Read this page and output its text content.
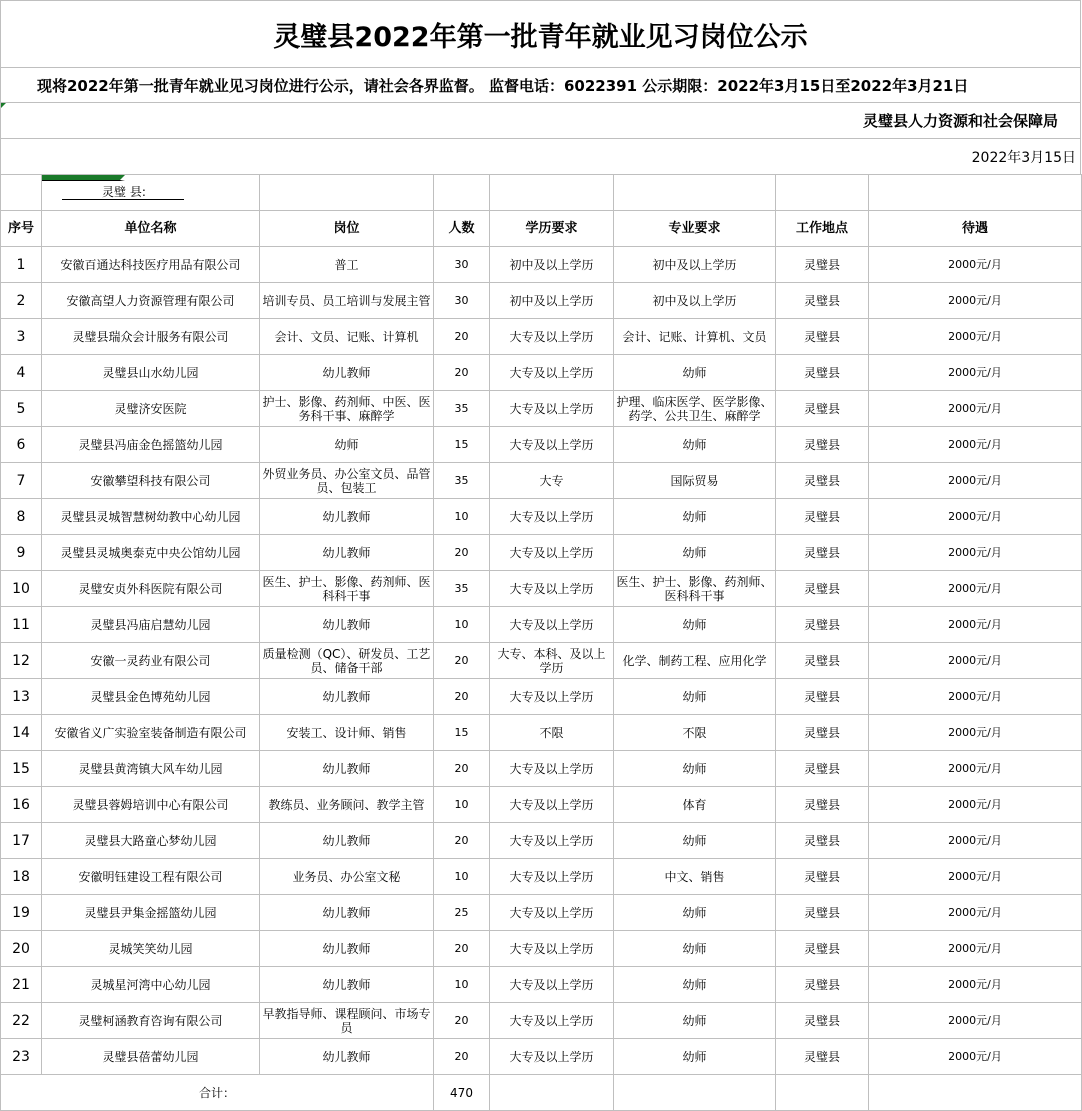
灵璧县2022年第一批青年就业见习岗位公示
现将2022年第一批青年就业见习岗位进行公示，请社会各界监督。 监督电话：6022391 公示期限：2022年3月15日至2022年3月21日
灵璧县人力资源和社会保障局
2022年3月15日

灵璧 县:						
序号	单位名称	岗位	人数	学历要求	专业要求	工作地点	待遇
1	安徽百通达科技医疗用品有限公司	普工	30	初中及以上学历	初中及以上学历	灵璧县	2000元/月
2	安徽高望人力资源管理有限公司	培训专员、员工培训与发展主管	30	初中及以上学历	初中及以上学历	灵璧县	2000元/月
3	灵璧县瑞众会计服务有限公司	会计、文员、记账、计算机	20	大专及以上学历	会计、记账、计算机、文员	灵璧县	2000元/月
4	灵璧县山水幼儿园	幼儿教师	20	大专及以上学历	幼师	灵璧县	2000元/月
5	灵璧济安医院	护士、影像、药剂师、中医、医务科干事、麻醉学	35	大专及以上学历	护理、临床医学、医学影像、药学、公共卫生、麻醉学	灵璧县	2000元/月
6	灵璧县冯庙金色摇篮幼儿园	幼师	15	大专及以上学历	幼师	灵璧县	2000元/月
7	安徽攀望科技有限公司	外贸业务员、办公室文员、品管员、包装工	35	大专	国际贸易	灵璧县	2000元/月
8	灵璧县灵城智慧树幼教中心幼儿园	幼儿教师	10	大专及以上学历	幼师	灵璧县	2000元/月
9	灵璧县灵城奥泰克中央公馆幼儿园	幼儿教师	20	大专及以上学历	幼师	灵璧县	2000元/月
10	灵璧安贞外科医院有限公司	医生、护士、影像、药剂师、医科科干事	35	大专及以上学历	医生、护士、影像、药剂师、医科科干事	灵璧县	2000元/月
11	灵璧县冯庙启慧幼儿园	幼儿教师	10	大专及以上学历	幼师	灵璧县	2000元/月
12	安徽一灵药业有限公司	质量检测（QC）、研发员、工艺员、储备干部	20	大专、本科、及以上学历	化学、制药工程、应用化学	灵璧县	2000元/月
13	灵璧县金色博苑幼儿园	幼儿教师	20	大专及以上学历	幼师	灵璧县	2000元/月
14	安徽省义广实验室装备制造有限公司	安装工、设计师、销售	15	不限	不限	灵璧县	2000元/月
15	灵璧县黄湾镇大风车幼儿园	幼儿教师	20	大专及以上学历	幼师	灵璧县	2000元/月
16	灵璧县蓉姆培训中心有限公司	教练员、业务顾问、教学主管	10	大专及以上学历	体育	灵璧县	2000元/月
17	灵璧县大路童心梦幼儿园	幼儿教师	20	大专及以上学历	幼师	灵璧县	2000元/月
18	安徽明钰建设工程有限公司	业务员、办公室文秘	10	大专及以上学历	中文、销售	灵璧县	2000元/月
19	灵璧县尹集金摇篮幼儿园	幼儿教师	25	大专及以上学历	幼师	灵璧县	2000元/月
20	灵城笑笑幼儿园	幼儿教师	20	大专及以上学历	幼师	灵璧县	2000元/月
21	灵城星河湾中心幼儿园	幼儿教师	10	大专及以上学历	幼师	灵璧县	2000元/月
22	灵璧柯涵教育咨询有限公司	早教指导师、课程顾问、市场专员	20	大专及以上学历	幼师	灵璧县	2000元/月
23	灵璧县蓓蕾幼儿园	幼儿教师	20	大专及以上学历	幼师	灵璧县	2000元/月
合计：			470				
